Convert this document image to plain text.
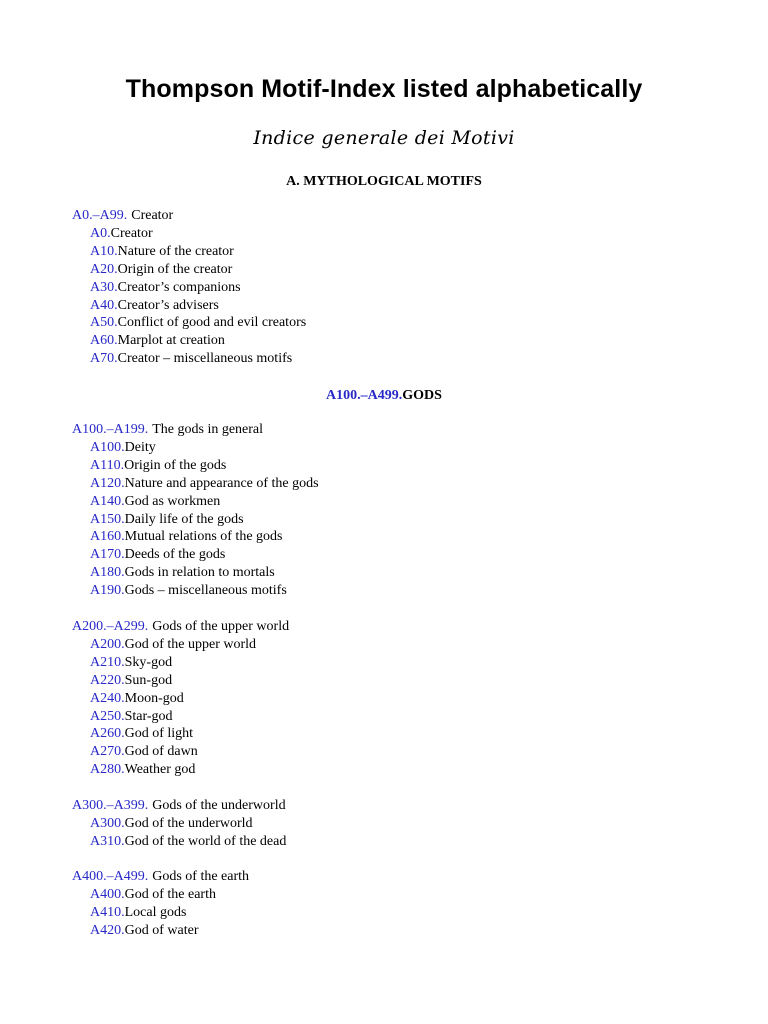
Thompson Motif-Index listed alphabetically
Indice generale dei Motivi
A. MYTHOLOGICAL MOTIFS
A0.–A99. Creator
A0.Creator
A10.Nature of the creator
A20.Origin of the creator
A30.Creator’s companions
A40.Creator’s advisers
A50.Conflict of good and evil creators
A60.Marplot at creation
A70.Creator – miscellaneous motifs
A100.–A499.GODS
A100.–A199. The gods in general
A100.Deity
A110.Origin of the gods
A120.Nature and appearance of the gods
A140.God as workmen
A150.Daily life of the gods
A160.Mutual relations of the gods
A170.Deeds of the gods
A180.Gods in relation to mortals
A190.Gods – miscellaneous motifs
A200.–A299. Gods of the upper world
A200.God of the upper world
A210.Sky-god
A220.Sun-god
A240.Moon-god
A250.Star-god
A260.God of light
A270.God of dawn
A280.Weather god
A300.–A399. Gods of the underworld
A300.God of the underworld
A310.God of the world of the dead
A400.–A499. Gods of the earth
A400.God of the earth
A410.Local gods
A420.God of water
